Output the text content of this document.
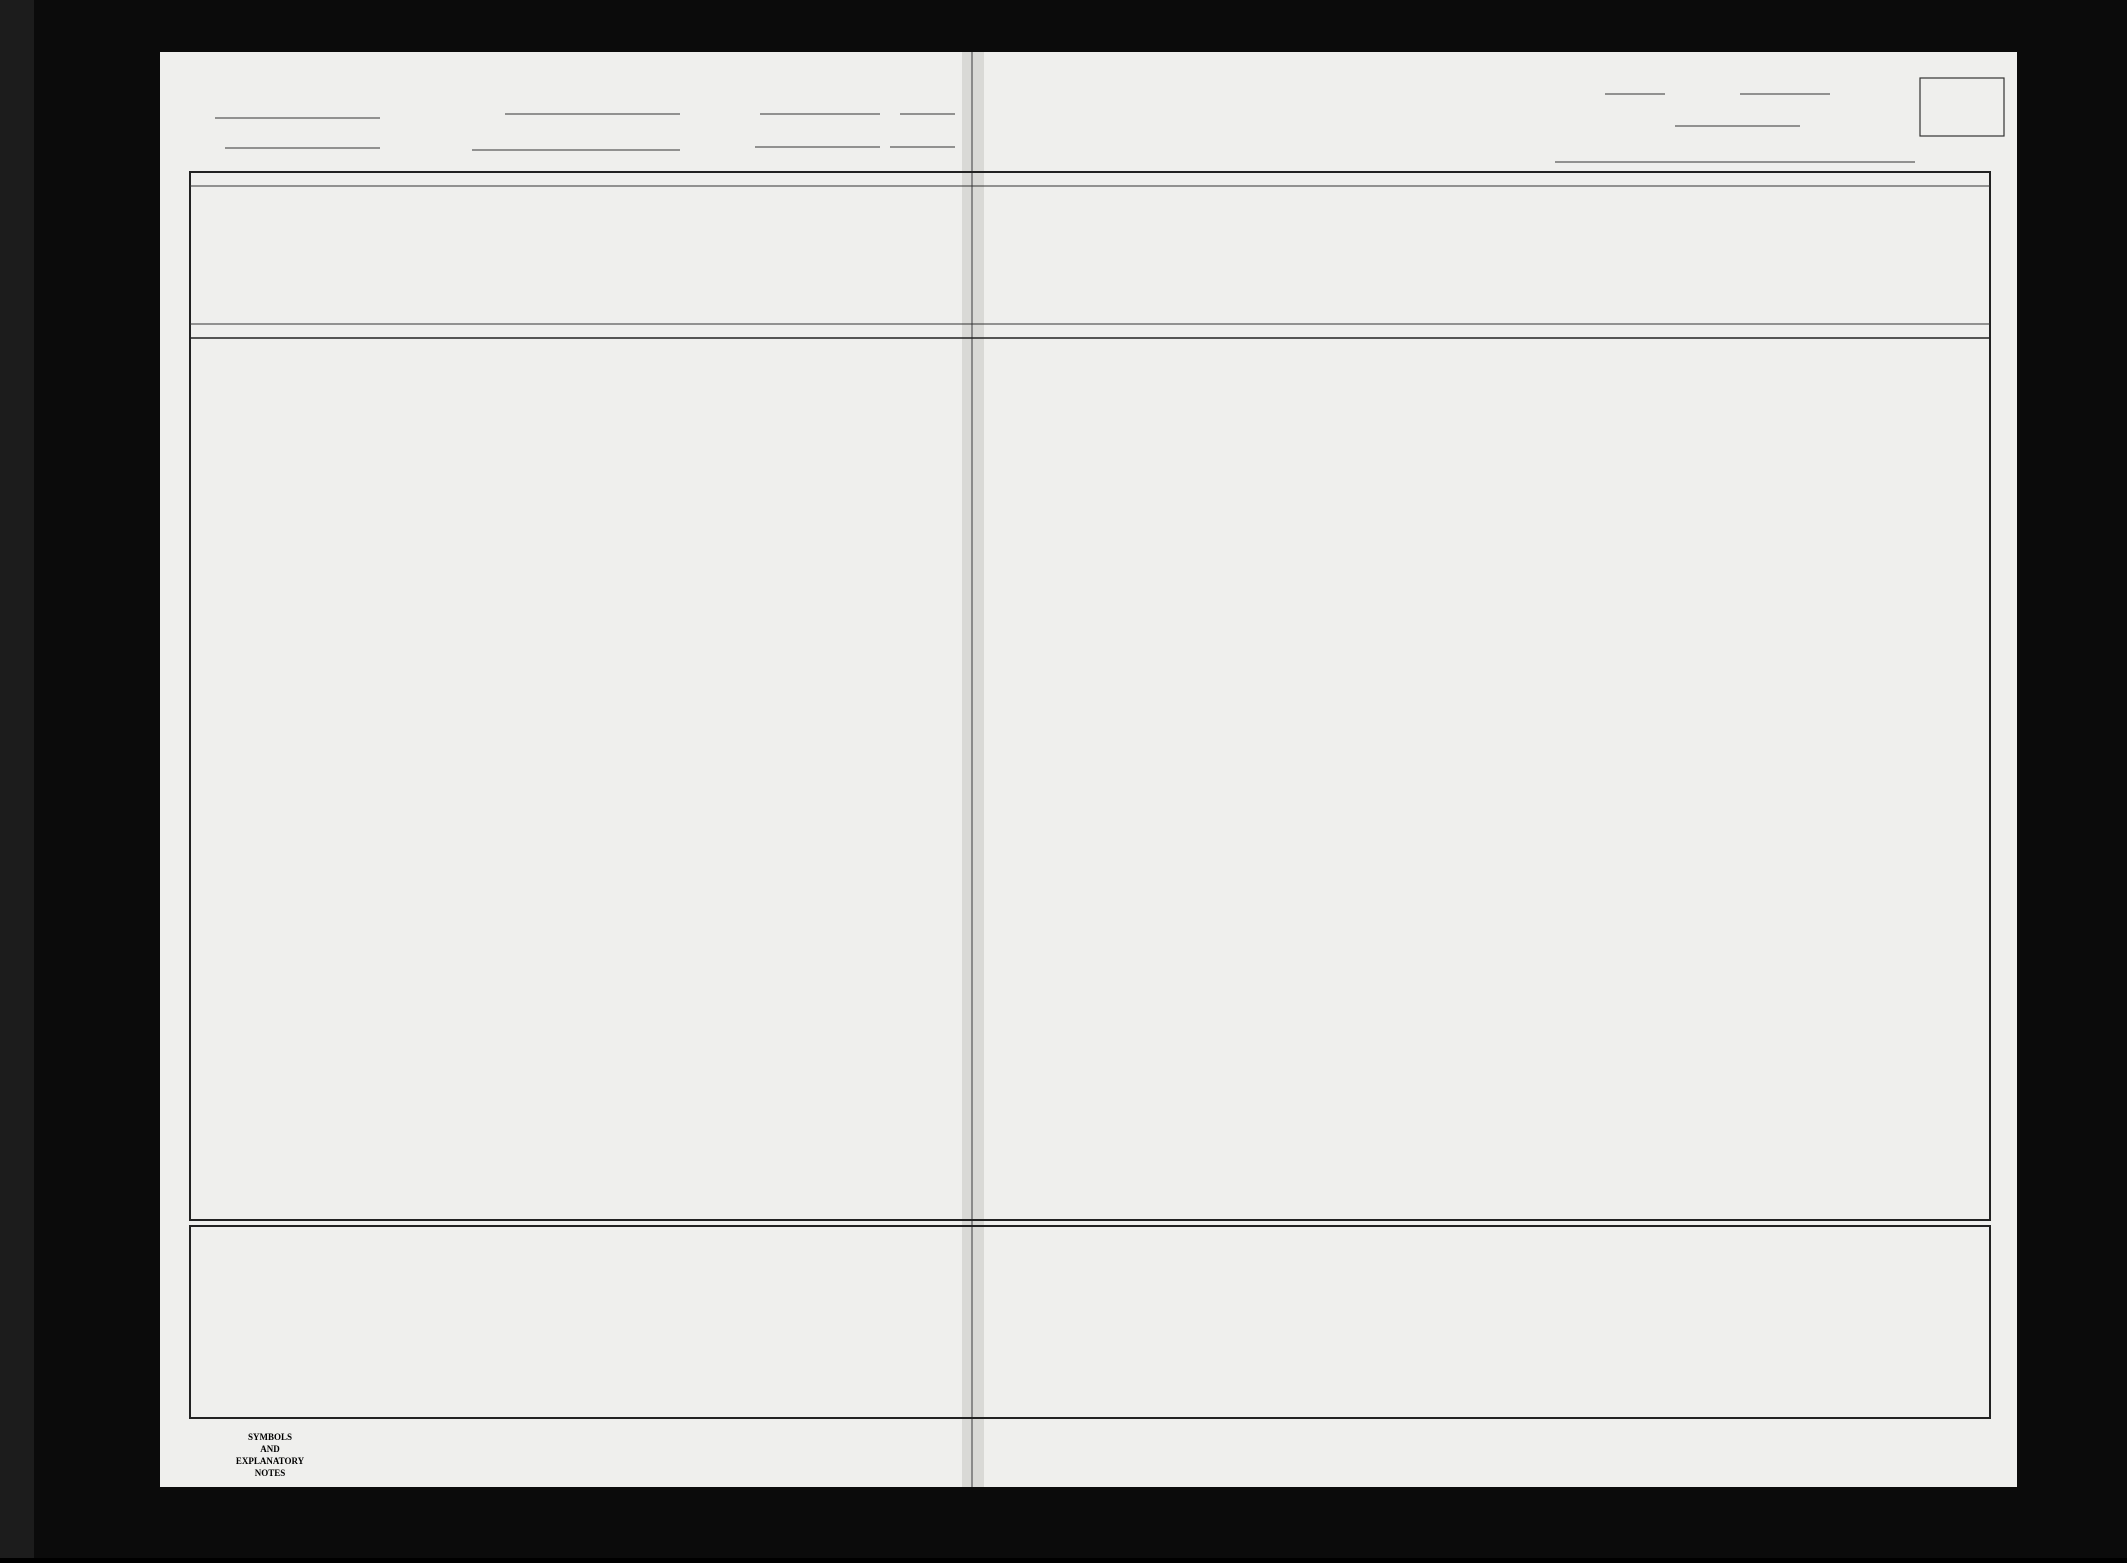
SYMBOLS
AND
EXPLANATORY
NOTES
